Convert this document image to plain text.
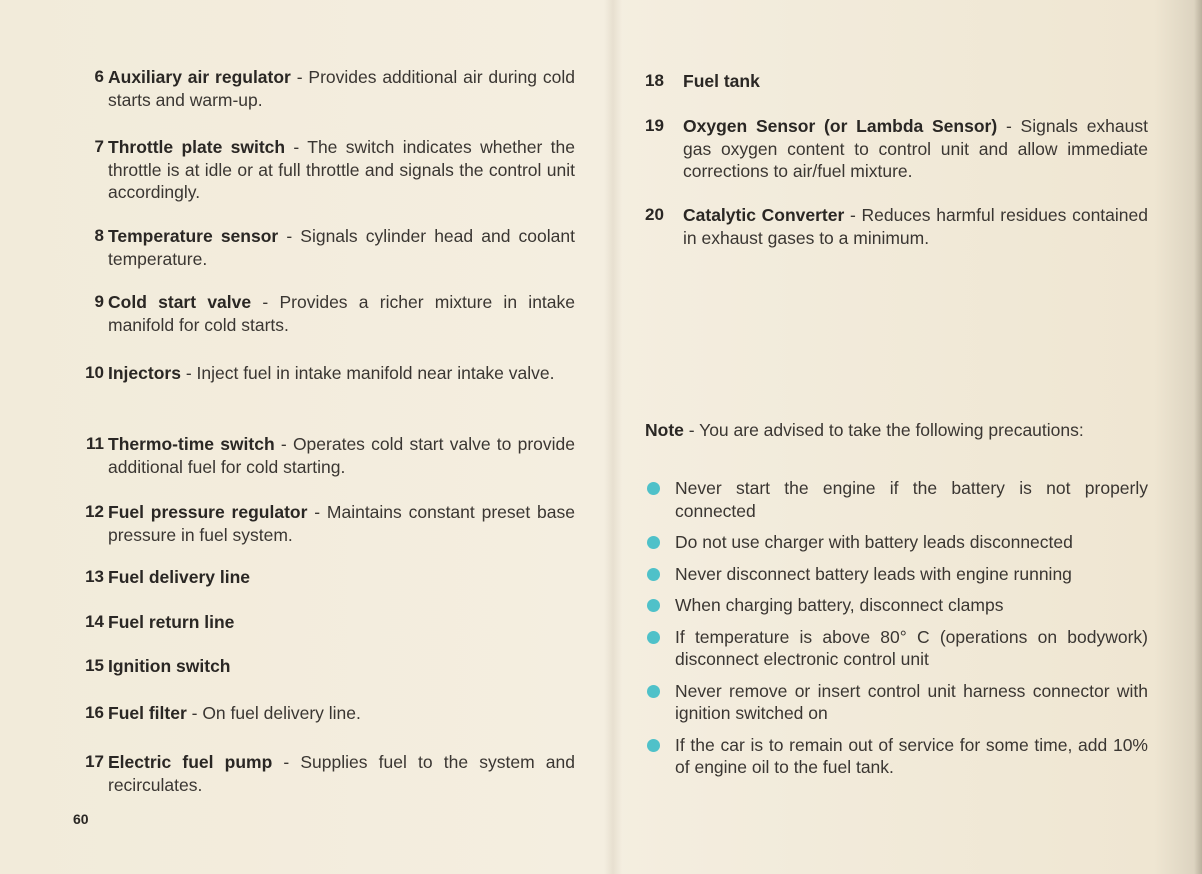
6 Auxiliary air regulator - Provides additional air during cold starts and warm-up.
7 Throttle plate switch - The switch indicates whether the throttle is at idle or at full throttle and signals the control unit accordingly.
8 Temperature sensor - Signals cylinder head and coolant temperature.
9 Cold start valve - Provides a richer mixture in intake manifold for cold starts.
10 Injectors - Inject fuel in intake manifold near intake valve.
11 Thermo-time switch - Operates cold start valve to provide additional fuel for cold starting.
12 Fuel pressure regulator - Maintains constant preset base pressure in fuel system.
13 Fuel delivery line
14 Fuel return line
15 Ignition switch
16 Fuel filter - On fuel delivery line.
17 Electric fuel pump - Supplies fuel to the system and recirculates.
18	Fuel tank
19	Oxygen Sensor (or Lambda Sensor) - Signals exhaust gas oxygen content to control unit and allow immediate corrections to air/fuel mixture.
20	Catalytic Converter - Reduces harmful residues contained in exhaust gases to a minimum.
Note - You are advised to take the following precautions:
Never start the engine if the battery is not properly connected
Do not use charger with battery leads disconnected
Never disconnect battery leads with engine running
When charging battery, disconnect clamps
If temperature is above 80° C (operations on bodywork) disconnect electronic control unit
Never remove or insert control unit harness connector with ignition switched on
If the car is to remain out of service for some time, add 10% of engine oil to the fuel tank.
60
